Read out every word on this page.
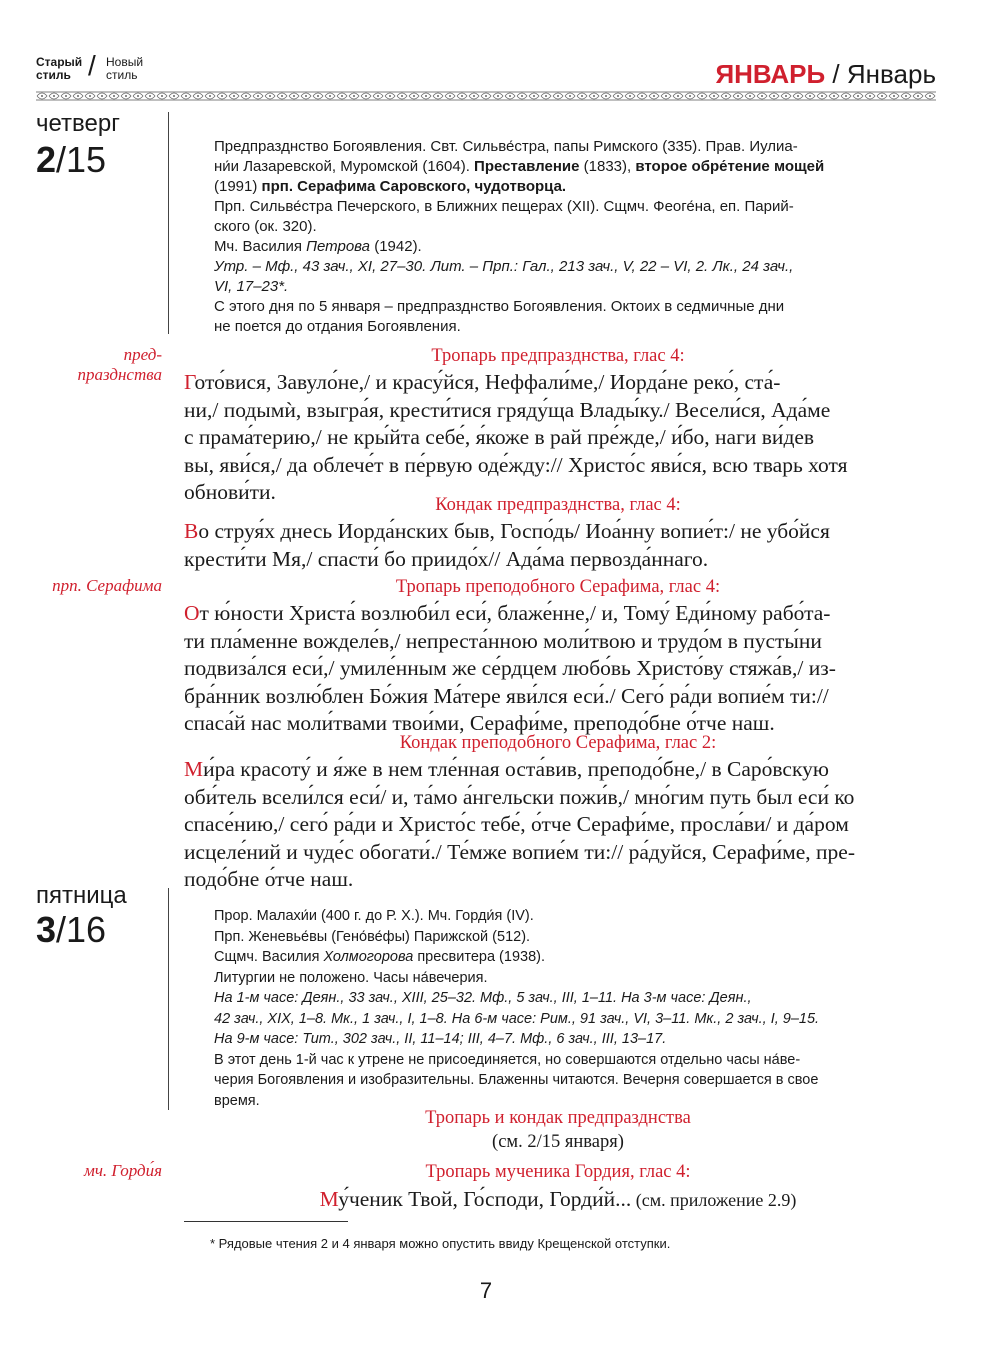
Старый
стиль / Новый
стиль	ЯНВАРЬ / Январь
четверг
2/15	Предпразднство Богоявления. Свт. Сильве́стра, папы Римского (335). Прав. Иулиа-

ни́и Лазаревской, Муромской (1604). Преставление (1833), второе обре́тение мощей

(1991) прп. Серафима Саровского, чудотворца.

Прп. Сильве́стра Печерского, в Ближних пещерах (XII). Сщмч. Феоге́на, еп. Парий-

ского (ок. 320).

Мч. Василия Петрова (1942).

Утр. – Мф., 43 зач., XI, 27–30. Лит. – Прп.: Гал., 213 зач., V, 22 – VI, 2. Лк., 24 зач.,

VI, 17–23*.

С этого дня по 5 января – предпразднство Богоявления. Октоих в седмичные дни

не поется до отдания Богоявления.

пред-
празднства
Тропарь предпразднства, глас 4:
Гото́вися, Завуло́не,/ и красу́йся, Неффали́ме,/ Иорда́не реко́, ста́-
ни,/ подымѝ, взыгра́я, крести́тися гряду́ща Влады́ку./ Весели́ся, Ада́ме
с прама́терию,/ не кры́йта себе́, я́коже в рай пре́жде,/ и́бо, наги ви́дев
вы, яви́ся,/ да облече́т в пе́рвую оде́жду:// Христо́с яви́ся, всю тварь хотя
обнови́ти.
Кондак предпразднства, глас 4:
Во струя́х днесь Иорда́нских быв, Госпо́дь/ Иоа́нну вопие́т:/ не убо́йся
крести́ти Мя,/ спасти́ бо приидо́х// Ада́ма первозда́ннаго.
прп. Серафима	Тропарь преподобного Серафима, глас 4:
От ю́ности Христа́ возлюби́л еси́, блаже́нне,/ и, Тому́ Еди́ному рабо́та-
ти пла́менне вожделе́в,/ непреста́нною моли́твою и трудо́м в пусты́ни
подвиза́лся еси́,/ умиле́нным же се́рдцем любо́вь Христо́ву стяжа́в,/ из-
бра́нник возлю́блен Бо́жия Ма́тере яви́лся еси́./ Сего́ ра́ди вопие́м ти://
спаса́й нас моли́твами твои́ми, Серафи́ме, преподо́бне о́тче наш.
Кондак преподобного Серафима, глас 2:
Ми́ра красоту́ и я́же в нем тле́нная оста́вив, преподо́бне,/ в Саро́вскую
оби́тель всели́лся еси́/ и, та́мо а́нгельски пожи́в,/ мно́гим путь был еси́ ко
спасе́нию,/ сего́ ра́ди и Христо́с тебе́, о́тче Серафи́ме, просла́ви/ и да́ром
исцеле́ний и чуде́с обогати́./ Те́мже вопие́м ти:// ра́дуйся, Серафи́ме, пре-
подо́бне о́тче наш.
пятница
3/16	Прор. Малахи́и (400 г. до Р. Х.). Мч. Горди́я (IV).

Прп. Женевье́вы (Гено́ве́фы) Парижской (512).

Сщмч. Василия Холмогорова пресвитера (1938).

Литургии не положено. Часы на́вечерия.

На 1-м часе: Деян., 33 зач., XIII, 25–32. Мф., 5 зач., III, 1–11. На 3-м часе: Деян.,

42 зач., XIX, 1–8. Мк., 1 зач., I, 1–8. На 6-м часе: Рим., 91 зач., VI, 3–11. Мк., 2 зач., I, 9–15.

На 9-м часе: Тит., 302 зач., II, 11–14; III, 4–7. Мф., 6 зач., III, 13–17.

В этот день 1-й час к утрене не присоединяется, но совершаются отдельно часы на́ве-

черия Богоявления и изобразительны. Блаженны читаются. Вечерня совершается в свое

время.

Тропарь и кондак предпразднства
(см. 2/15 января)
мч. Горди́я	Тропарь мученика Гордия, глас 4:
Му́ченик Твой, Го́споди, Горди́й... (см. приложение 2.9)
* Рядовые чтения 2 и 4 января можно опустить ввиду Крещенской отступки.
7
